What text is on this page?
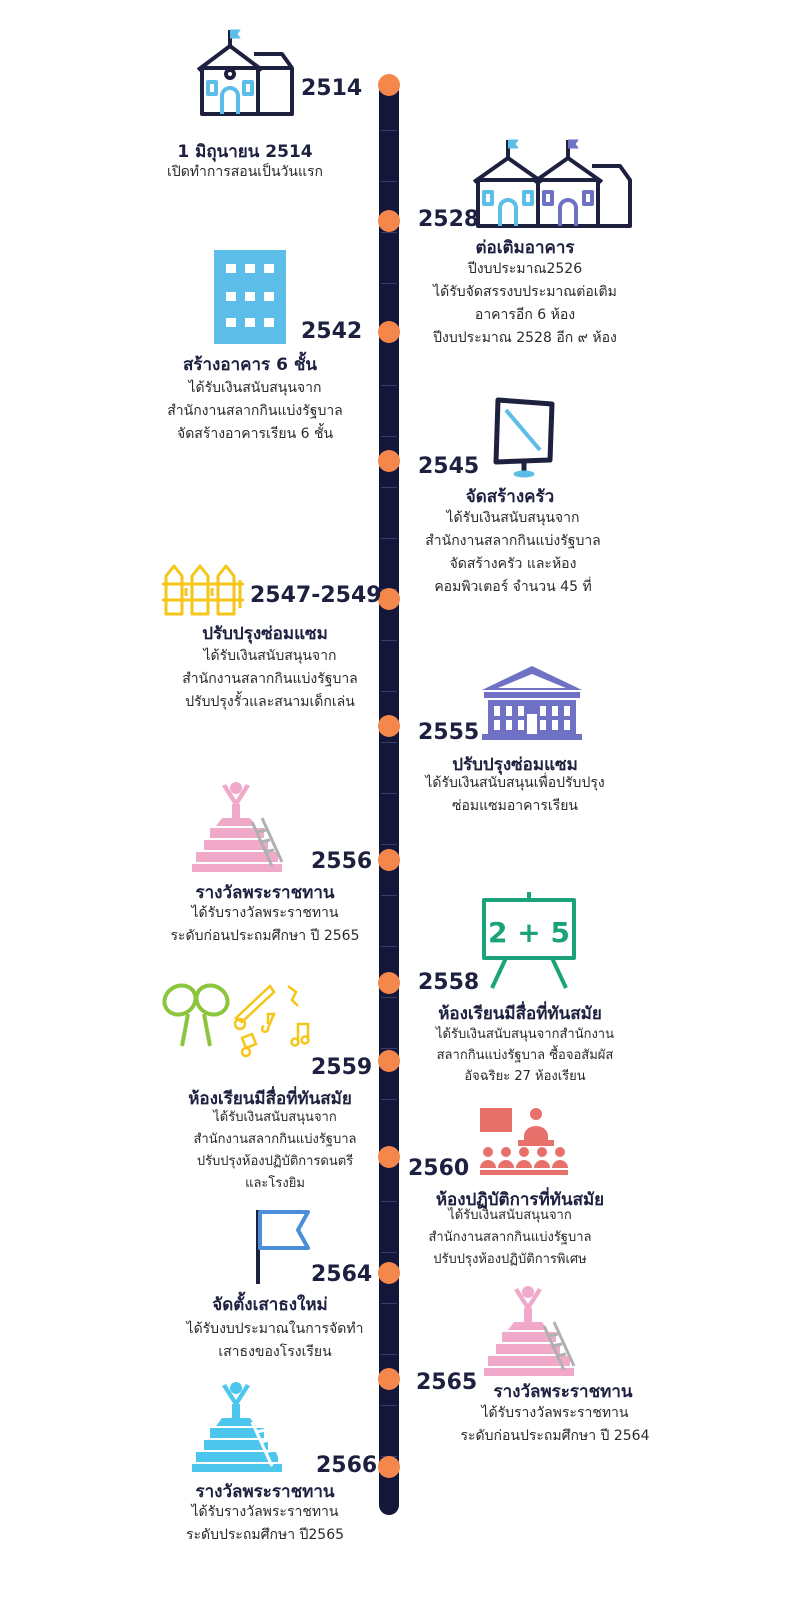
2514
1 มิถุนายน 2514
เปิดทำการสอนเป็นวันแรก
2528
ต่อเติมอาคาร
ปีงบประมาณ2526
ได้รับจัดสรรงบประมาณต่อเติม
อาคารอีก 6 ห้อง
ปีงบประมาณ 2528 อีก ๙ ห้อง
2542
สร้างอาคาร 6 ชั้น
ได้รับเงินสนับสนุนจาก
สำนักงานสลากกินแบ่งรัฐบาล
จัดสร้างอาคารเรียน 6 ชั้น
2545
จัดสร้างครัว
ได้รับเงินสนับสนุนจาก
สำนักงานสลากกินแบ่งรัฐบาล
จัดสร้างครัว และห้อง
คอมพิวเตอร์ จำนวน 45 ที่
2547-2549
ปรับปรุงซ่อมแซม
ได้รับเงินสนับสนุนจาก
สำนักงานสลากกินแบ่งรัฐบาล
ปรับปรุงรั้วและสนามเด็กเล่น
2555
ปรับปรุงซ่อมแซม
ได้รับเงินสนับสนุนเพื่อปรับปรุง
ซ่อมแซมอาคารเรียน
2556
รางวัลพระราชทาน
ได้รับรางวัลพระราชทาน
ระดับก่อนประถมศึกษา ปี 2565	2 + 5
2558
ห้องเรียนมีสื่อที่ทันสมัย
ได้รับเงินสนับสนุนจากสำนักงาน
สลากกินแบ่งรัฐบาล ซื้อจอสัมผัส
อัจฉริยะ 27 ห้องเรียน
2559
ห้องเรียนมีสื่อที่ทันสมัย
ได้รับเงินสนับสนุนจาก
สำนักงานสลากกินแบ่งรัฐบาล
ปรับปรุงห้องปฏิบัติการดนตรี
และโรงยิม
2560
ห้องปฏิบัติการที่ทันสมัย
ได้รับเงินสนับสนุนจาก
สำนักงานสลากกินแบ่งรัฐบาล
ปรับปรุงห้องปฏิบัติการพิเศษ
2564
จัดตั้งเสาธงใหม่
ได้รับงบประมาณในการจัดทำ
เสาธงของโรงเรียน
2565 รางวัลพระราชทาน
ได้รับรางวัลพระราชทาน
ระดับก่อนประถมศึกษา ปี 2564
2566
รางวัลพระราชทาน
ได้รับรางวัลพระราชทาน
ระดับประถมศึกษา ปี2565
